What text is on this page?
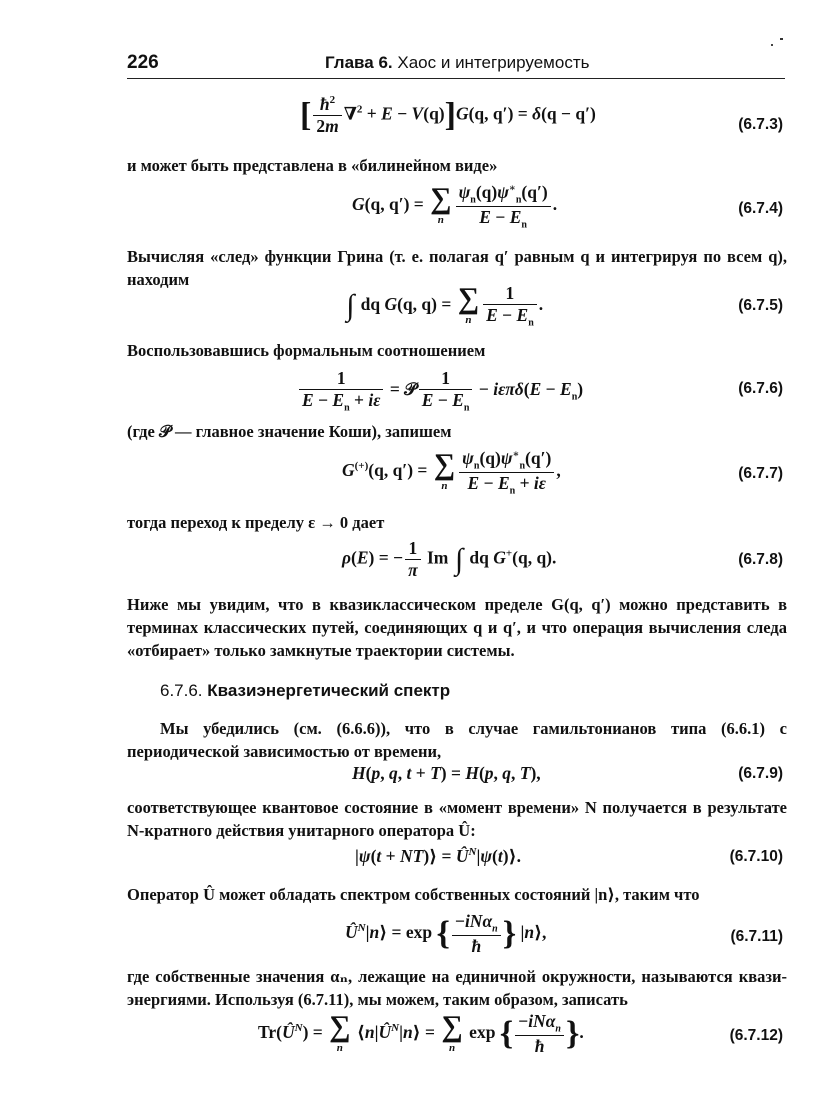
226	Глава 6. Хаос и интегрируемость
[ $\frac{ħ^2}{2m} \nabla^2 + E - V(q)]G(q$, q′) = δ(q − q′)
(6.7.3)
и может быть представлена в «билинейном виде»
G(q, q′) = ∑
n $\frac{\psi_n(q)\psi^∗_n(q')}{E - E_n}$ .	(6.7.4)
Вычисляя «след» функции Грина (т. е. полагая q′ равным q и интегрируя по всем q), находим
∫ dq G(q, q) = ∑
n $\frac{1}{E - E_n}$ .	(6.7.5)
Воспользовавшись формальным соотношением
$\frac{1}{E - E_n + i\varepsilon}$ = 𝒫 $\frac{1}{E - E_n} - i\varepsilon\pi\delta(E - E_n)$	(6.7.6)
(где 𝒫 — главное значение Коши), запишем
G(+)(q, q′) = ∑
n $\frac{\psi_n(q)\psi^∗_n(q')}{E - E_n + i\varepsilon}$ ,	(6.7.7)
тогда переход к пределу ε → 0 дает
ρ(E) = − $\frac{1}{\pi}$ Im ∫ dq G+(q, q).	(6.7.8)
Ниже мы увидим, что в квазиклассическом пределе G(q, q′) можно представить в терминах классических путей, соединяющих q и q′, и что операция вычисления следа «отбирает» только замкнутые траектории системы.
6.7.6. Квазиэнергетический спектр
Мы убедились (см. (6.6.6)), что в случае гамильтонианов типа (6.6.1) с периодической зависимостью от времени,
H(p, q, t + T) = H(p, q, T),	(6.7.9)
соответствующее квантовое состояние в «момент времени» N получается в результате N-кратного действия унитарного оператора Û:
|ψ(t + NT)⟩ = $Û^N|\psi(t)⟩$.	(6.7.10)
Оператор Û может обладать спектром собственных состояний |n⟩, таким что
$Û^N|n⟩ = \exp$ { $\frac{-iN\alpha_n}{ħ}$ } |n⟩,	(6.7.11)
где собственные значения αₙ, лежащие на единичной окружности, называются квази-энергиями. Используя (6.7.11), мы можем, таким образом, записать
$Tr(Û^N)$ = ∑
n
$⟨n|Û^N|n⟩$ = ∑
n
exp { $\frac{-iN\alpha_n}{ħ}$ }.	(6.7.12)
